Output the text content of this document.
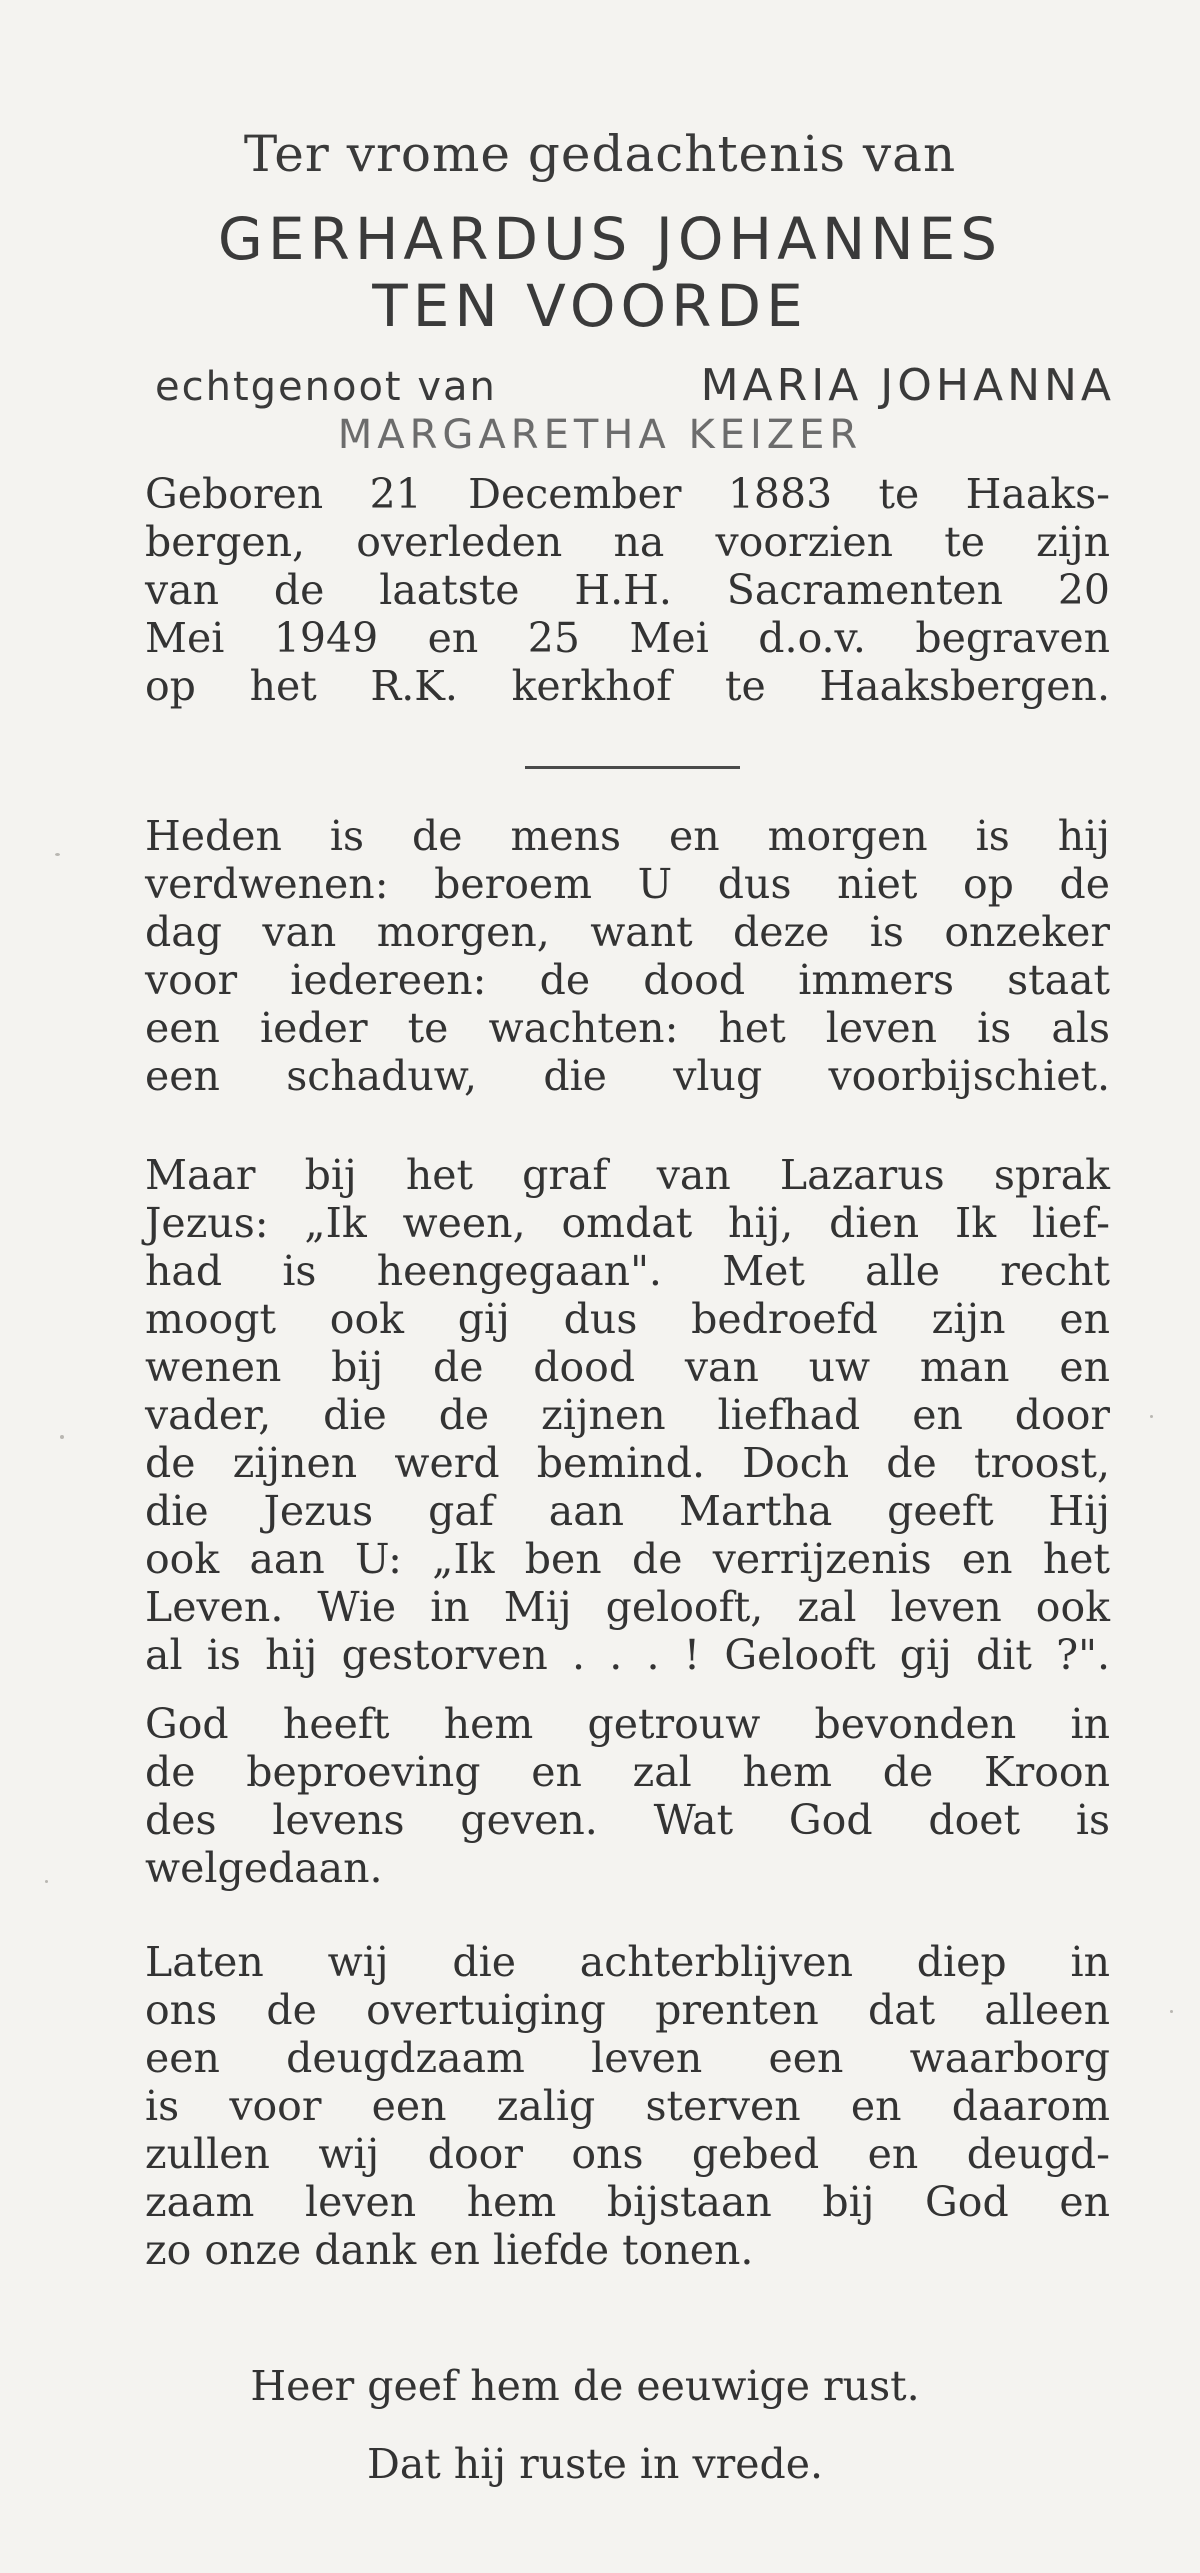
Ter vrome gedachtenis van
GERHARDUS JOHANNES
TEN VOORDE
echtgenoot van	MARIA JOHANNA
MARGARETHA KEIZER
Geboren 21 December 1883 te Haaks-
bergen, overleden na voorzien te zijn
van de laatste H.H. Sacramenten 20
Mei 1949 en 25 Mei d.o.v. begraven
op het R.K. kerkhof te Haaksbergen.
Heden is de mens en morgen is hij
verdwenen: beroem U dus niet op de
dag van morgen, want deze is onzeker
voor iedereen: de dood immers staat
een ieder te wachten: het leven is als
een schaduw, die vlug voorbijschiet.
Maar bij het graf van Lazarus sprak
Jezus: „Ik ween, omdat hij, dien Ik lief-
had is heengegaan". Met alle recht
moogt ook gij dus bedroefd zijn en
wenen bij de dood van uw man en
vader, die de zijnen liefhad en door
de zijnen werd bemind. Doch de troost,
die Jezus gaf aan Martha geeft Hij
ook aan U: „Ik ben de verrijzenis en het
Leven. Wie in Mij gelooft, zal leven ook
al is hij gestorven . . . ! Gelooft gij dit ?".
God heeft hem getrouw bevonden in
de beproeving en zal hem de Kroon
des levens geven. Wat God doet is
welgedaan.
Laten wij die achterblijven diep in
ons de overtuiging prenten dat alleen
een deugdzaam leven een waarborg
is voor een zalig sterven en daarom
zullen wij door ons gebed en deugd-
zaam leven hem bijstaan bij God en
zo onze dank en liefde tonen.
Heer geef hem de eeuwige rust.
Dat hij ruste in vrede.
